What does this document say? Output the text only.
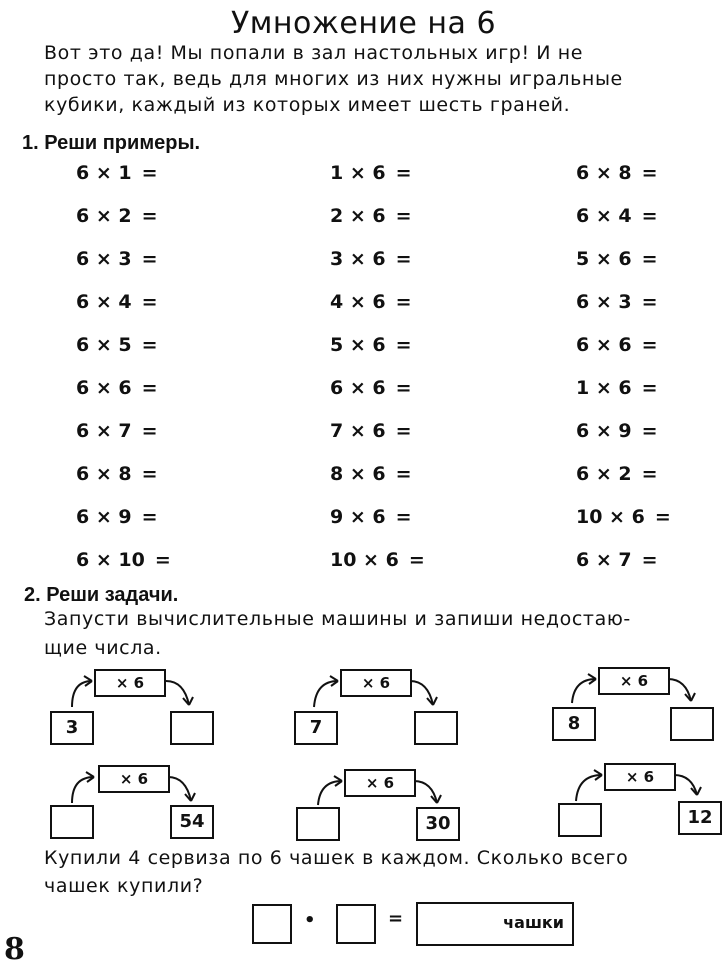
Умножение на 6
Вот это да! Мы попали в зал настольных игр! И не
просто так, ведь для многих из них нужны игральные
кубики, каждый из которых имеет шесть граней.
1. Реши примеры.
6 × 1 =
6 × 2 =
6 × 3 =
6 × 4 =
6 × 5 =
6 × 6 =
6 × 7 =
6 × 8 =
6 × 9 =
6 × 10 =
1 × 6 =
2 × 6 =
3 × 6 =
4 × 6 =
5 × 6 =
6 × 6 =
7 × 6 =
8 × 6 =
9 × 6 =
10 × 6 =
6 × 8 =
6 × 4 =
5 × 6 =
6 × 3 =
6 × 6 =
1 × 6 =
6 × 9 =
6 × 2 =
10 × 6 =
6 × 7 =
2. Реши задачи.
Запусти вычислительные машины и запиши недостаю-
щие числа.
× 6
3
× 6
7
× 6
8
× 6
54
× 6
30
× 6
12
Купили 4 сервиза по 6 чашек в каждом. Сколько всего
чашек купили?
•	=	чашки
8
